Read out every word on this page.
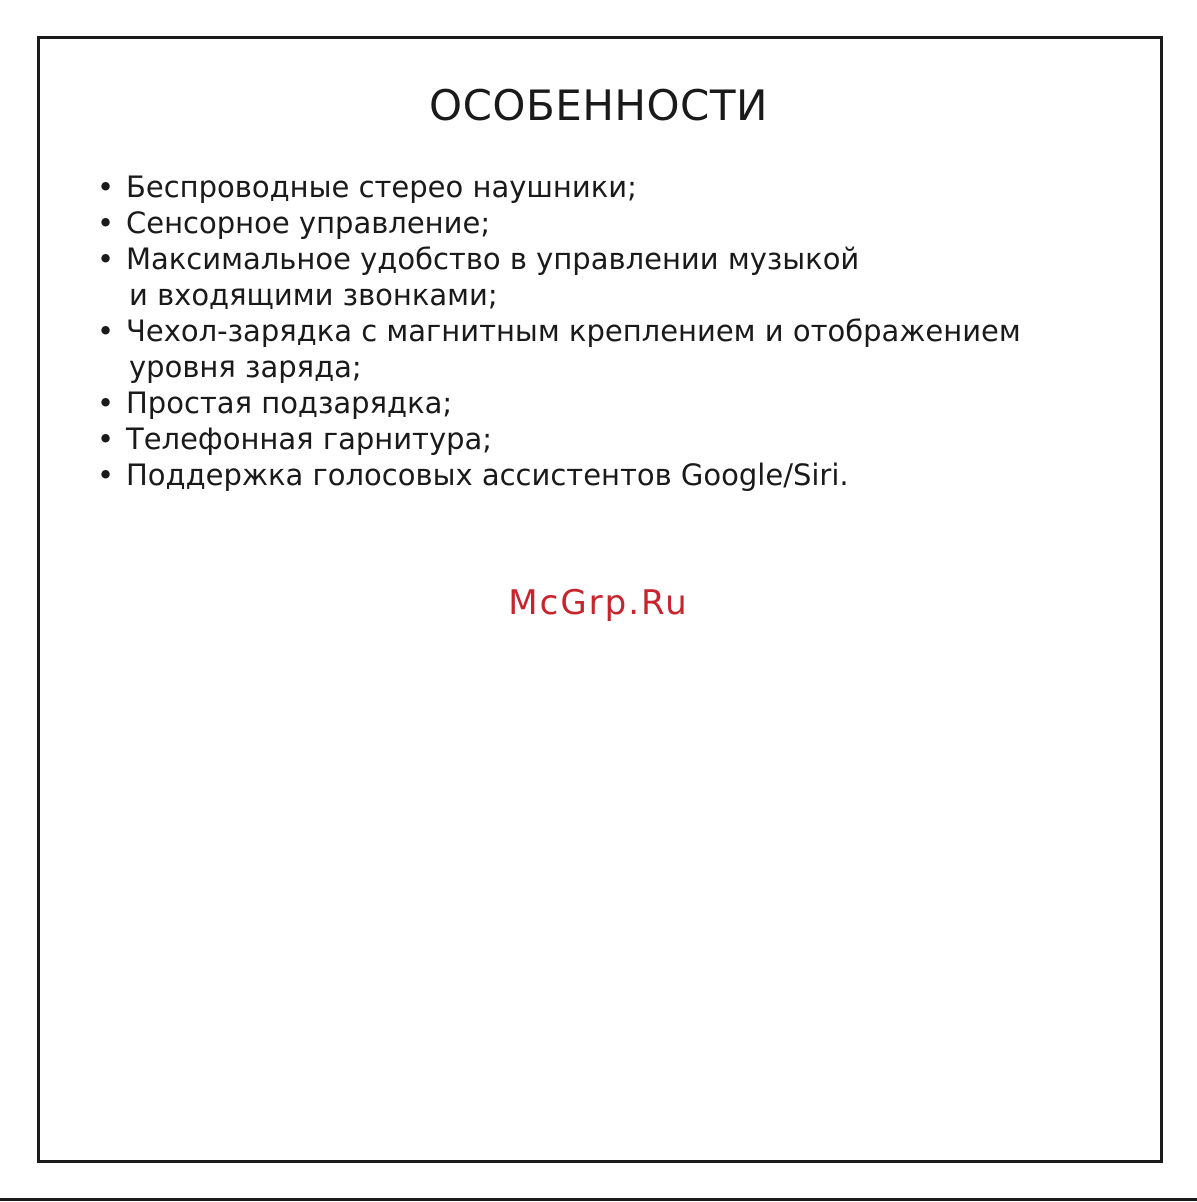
ОСОБЕННОСТИ
• Беспроводные стерео наушники;
• Сенсорное управление;
• Максимальное удобство в управлении музыкой
и входящими звонками;
• Чехол-зарядка с магнитным креплением и отображением
уровня заряда;
• Простая подзарядка;
• Телефонная гарнитура;
• Поддержка голосовых ассистентов Google/Siri.
McGrp.Ru
